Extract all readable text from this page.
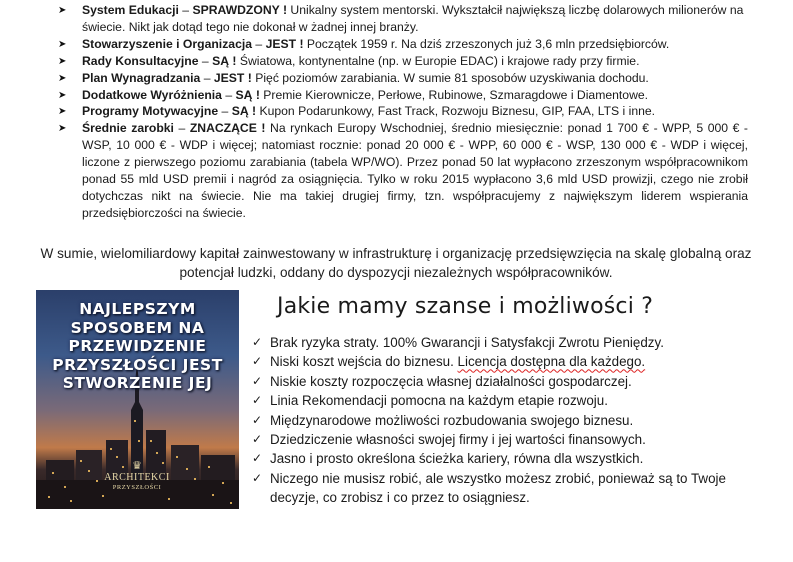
➤ System Edukacji – SPRAWDZONY ! Unikalny system mentorski. Wykształcił największą liczbę dolarowych milionerów na świecie. Nikt jak dotąd tego nie dokonał w żadnej innej branży.
➤ Stowarzyszenie i Organizacja – JEST ! Początek 1959 r. Na dziś zrzeszonych już 3,6 mln przedsiębiorców.
➤ Rady Konsultacyjne – SĄ ! Światowa, kontynentalne (np. w Europie EDAC) i krajowe rady przy firmie.
➤ Plan Wynagradzania – JEST ! Pięć poziomów zarabiania. W sumie 81 sposobów uzyskiwania dochodu.
➤ Dodatkowe Wyróżnienia – SĄ ! Premie Kierownicze, Perłowe, Rubinowe, Szmaragdowe i Diamentowe.
➤ Programy Motywacyjne – SĄ ! Kupon Podarunkowy, Fast Track, Rozwoju Biznesu, GIP, FAA, LTS i inne.
➤ Średnie zarobki – ZNACZĄCE ! Na rynkach Europy Wschodniej, średnio miesięcznie: ponad 1 700 € - WPP, 5 000 € - WSP, 10 000 € - WDP i więcej; natomiast rocznie: ponad 20 000 € - WPP, 60 000 € - WSP, 130 000 € - WDP i więcej, liczone z pierwszego poziomu zarabiania (tabela WP/WO). Przez ponad 50 lat wypłacono zrzeszonym współpracownikom ponad 55 mld USD premii i nagród za osiągnięcia. Tylko w roku 2015 wypłacono 3,6 mld USD prowizji, czego nie zrobił dotychczas nikt na świecie. Nie ma takiej drugiej firmy, tzn. współpracujemy z największym liderem wspierania przedsiębiorczości na świecie.
W sumie, wielomiliardowy kapitał zainwestowany w infrastrukturę i organizację przedsięwzięcia na skalę globalną oraz potencjał ludzki, oddany do dyspozycji niezależnych współpracowników.
NAJLEPSZYM
SPOSOBEM NA
PRZEWIDZENIE
PRZYSZŁOŚCI JEST
STWORZENIE JEJ
♛
ARCHITEKCI
PRZYSZŁOŚCI
Jakie mamy szanse i możliwości ?
✓ Brak ryzyka straty. 100% Gwarancji i Satysfakcji Zwrotu Pieniędzy.
✓ Niski koszt wejścia do biznesu. Licencja dostępna dla każdego.
✓ Niskie koszty rozpoczęcia własnej działalności gospodarczej.
✓ Linia Rekomendacji pomocna na każdym etapie rozwoju.
✓ Międzynarodowe możliwości rozbudowania swojego biznesu.
✓ Dziedziczenie własności swojej firmy i jej wartości finansowych.
✓ Jasno i prosto określona ścieżka kariery, równa dla wszystkich.
✓ Niczego nie musisz robić, ale wszystko możesz zrobić, ponieważ są to Twoje decyzje, co zrobisz i co przez to osiągniesz.
